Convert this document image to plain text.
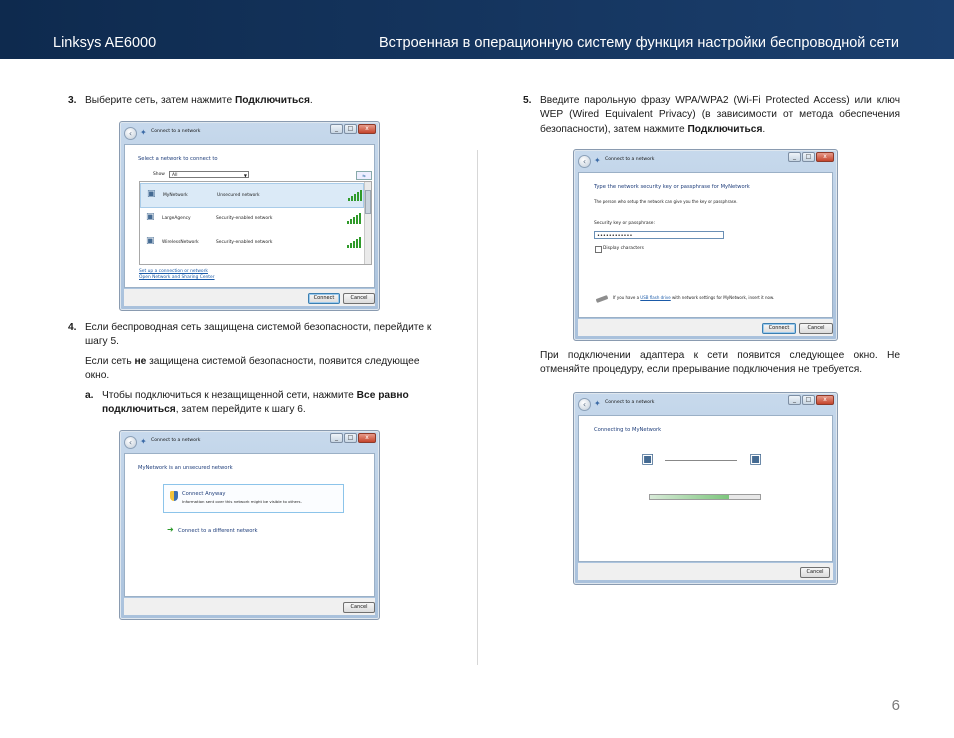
Linksys AE6000	Встроенная в операционную систему функция настройки беспроводной сети
3. Выберите сеть, затем нажмите Подключиться.
‹ ✦ Connect to a network	_	□	x
Select a network to connect to
Show	All	▼	⇆
▣	MyNetwork	Unsecured network
▣	LargeAgency	Security-enabled network
▣	WirelessNetwork	Security-enabled network
Set up a connection or network
Open Network and Sharing Center
Connect	Cancel
4. Если беспроводная сеть защищена системой безопасности, перейдите к шагу 5.
Если сеть не защищена системой безопасности, появится следующее окно.
a. Чтобы подключиться к незащищенной сети, нажмите Все равно подключиться, затем перейдите к шагу 6.
‹ ✦ Connect to a network	_	□	x
MyNetwork is an unsecured network
Connect Anyway
Information sent over this network might be visible to others.
➜ Connect to a different network
Cancel
5. Введите парольную фразу WPA/WPA2 (Wi-Fi Protected Access) или ключ WEP (Wired Equivalent Privacy) (в зависимости от метода обеспечения безопасности), затем нажмите Подключиться.
‹ ✦ Connect to a network	_	□	x
Type the network security key or passphrase for MyNetwork
The person who setup the network can give you the key or passphrase.
Security key or passphrase:
••••••••••••
Display characters
If you have a USB flash drive with network settings for MyNetwork, insert it now.
Connect	Cancel
При подключении адаптера к сети появится следующее окно. Не отменяйте процедуру, если прерывание подключения не требуется.
‹ ✦ Connect to a network	_	□	x
Connecting to MyNetwork
▣	▣
Cancel
6
